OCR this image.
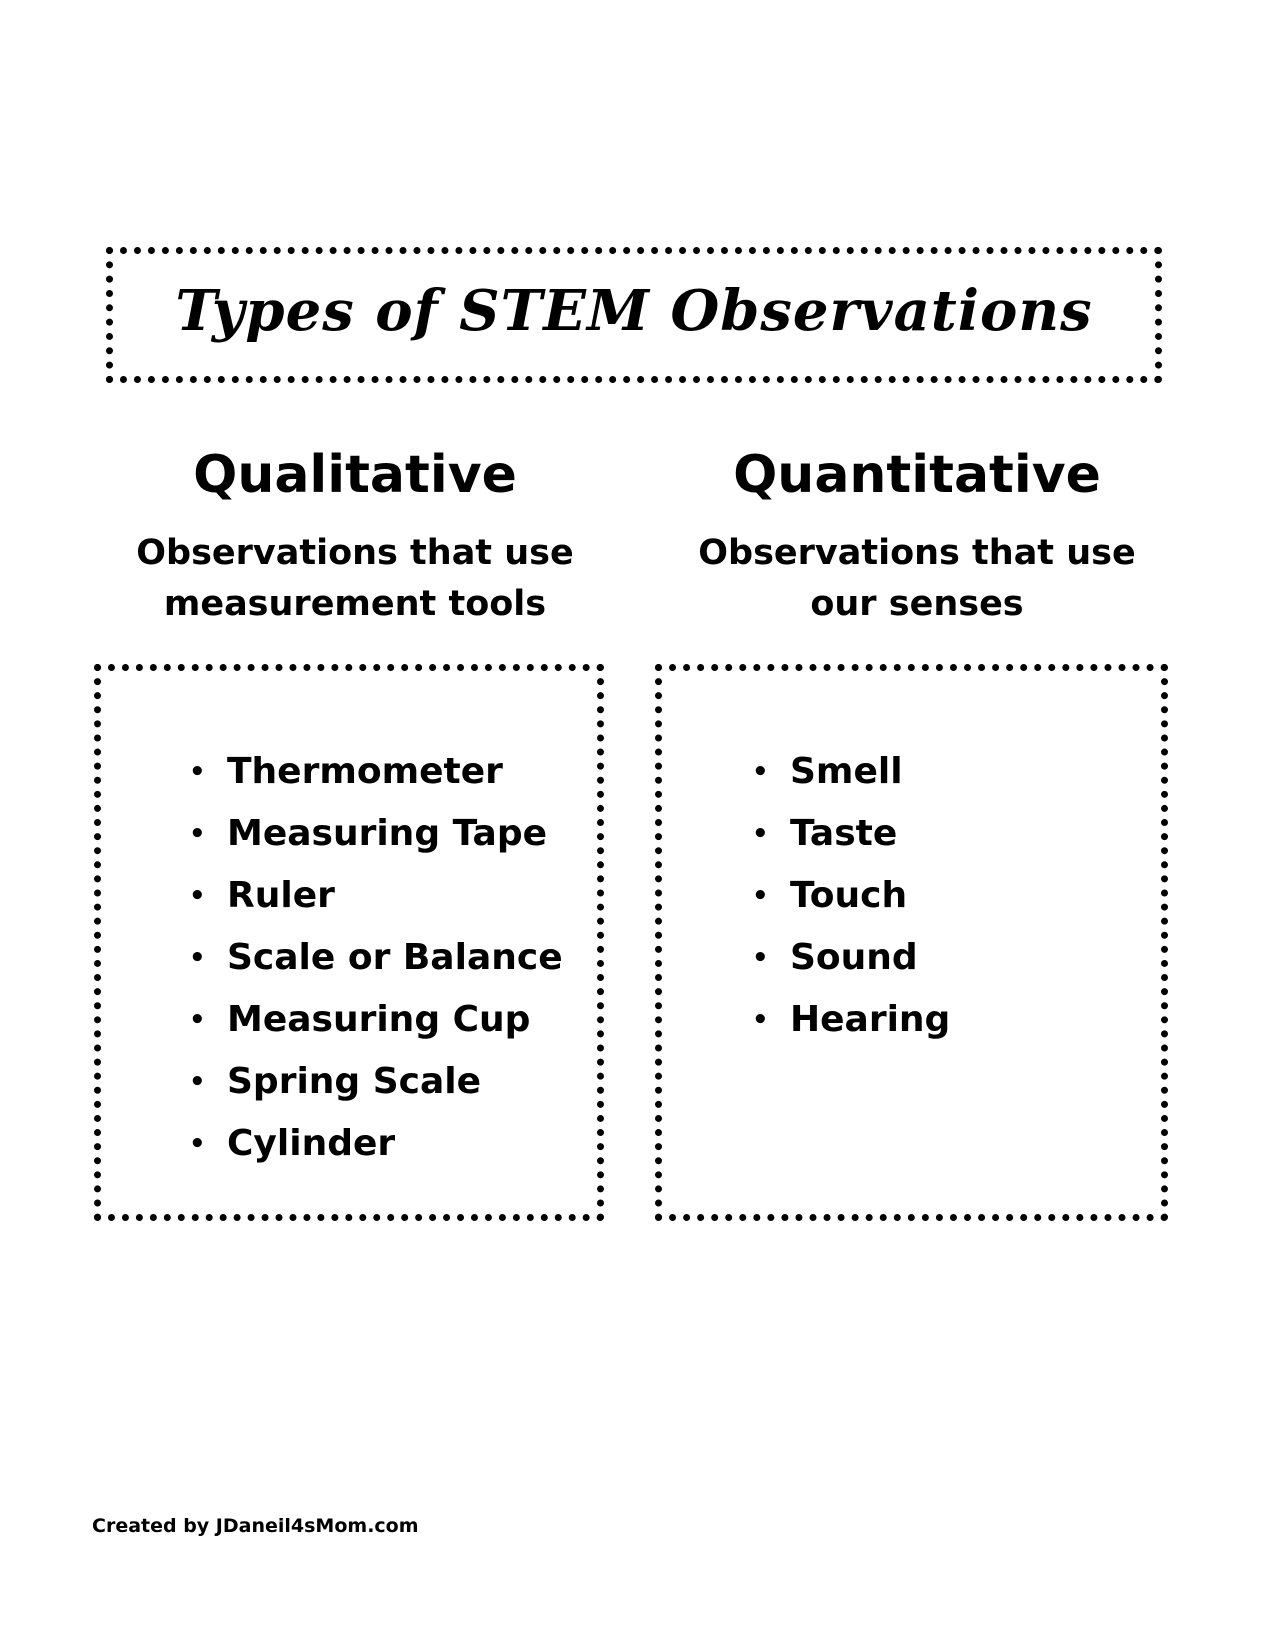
Types of STEM Observations
Qualitative
Observations that use
measurement tools
Quantitative
Observations that use
our senses
• Thermometer
• Measuring Tape
• Ruler
• Scale or Balance
• Measuring Cup
• Spring Scale
• Cylinder
• Smell
• Taste
• Touch
• Sound
• Hearing

Created by JDaneil4sMom.com
